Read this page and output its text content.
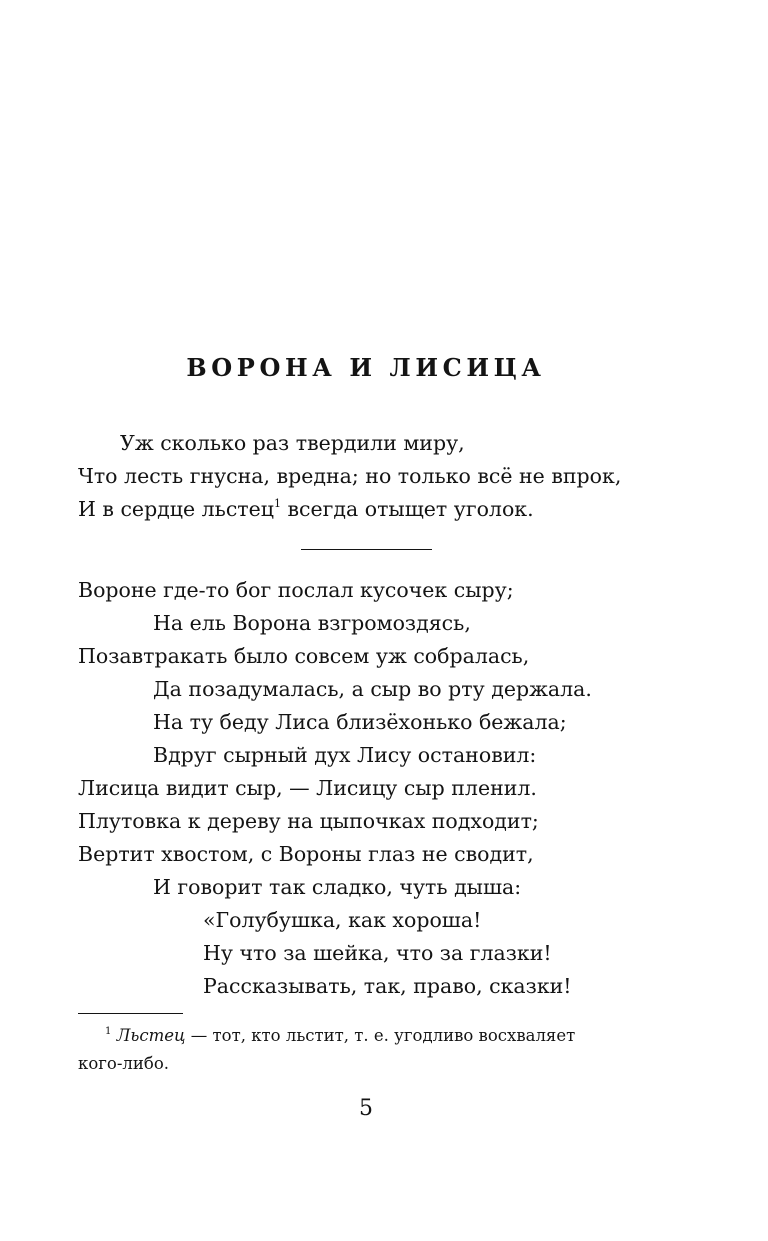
ВОРОНА И ЛИСИЦА
Уж сколько раз твердили миру,
Что лесть гнусна, вредна; но только всё не впрок,
И в сердце льстец$^1$ всегда отыщет уголок.
Вороне где-то бог послал кусочек сыру;
На ель Ворона взгромоздясь,
Позавтракать было совсем уж собралась,
Да позадумалась, а сыр во рту держала.
На ту беду Лиса близёхонько бежала;
Вдруг сырный дух Лису остановил:
Лисица видит сыр, — Лисицу сыр пленил.
Плутовка к дереву на цыпочках подходит;
Вертит хвостом, с Вороны глаз не сводит,
И говорит так сладко, чуть дыша:
«Голубушка, как хороша!
Ну что за шейка, что за глазки!
Рассказывать, так, право, сказки!
$^1$ Льстец — тот, кто льстит, т. е. угодливо восхваляет
кого-либо.
5
